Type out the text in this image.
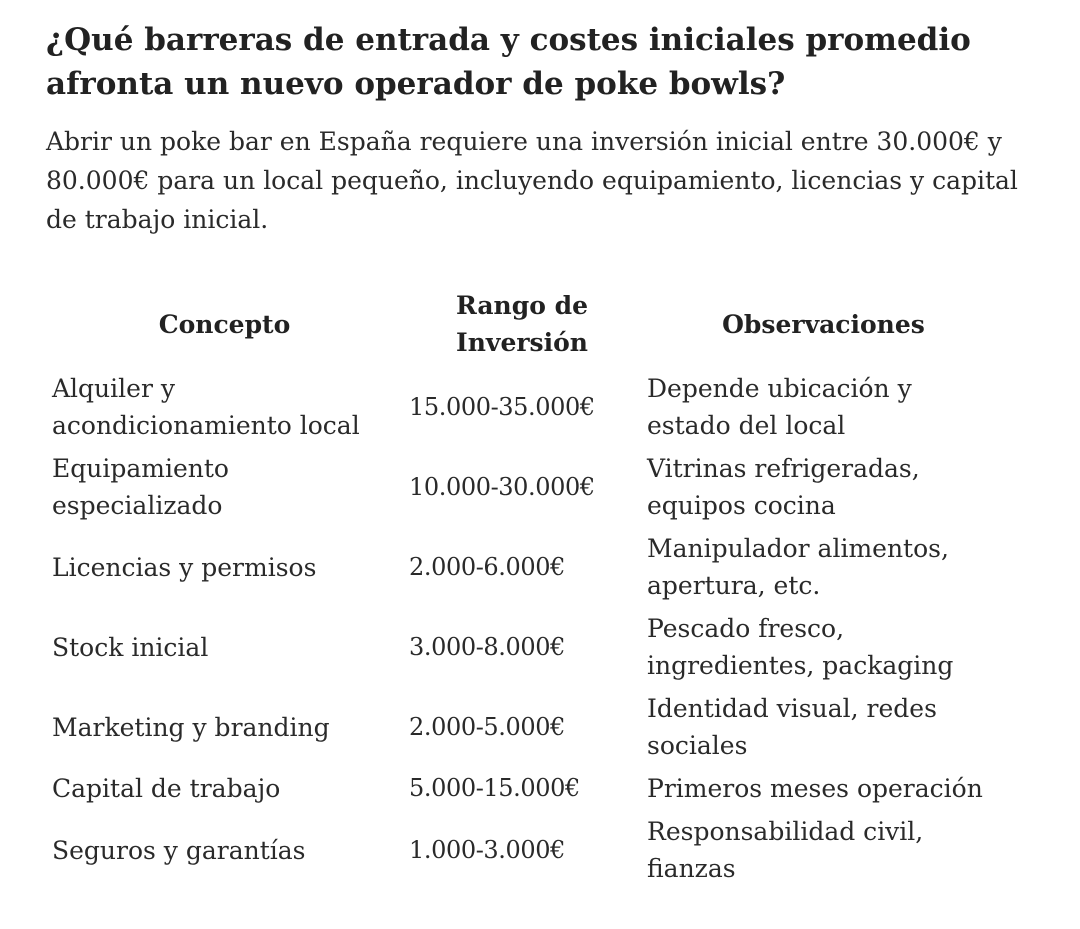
¿Qué barreras de entrada y costes iniciales promedio afronta un nuevo operador de poke bowls?

Abrir un poke bar en España requiere una inversión inicial entre 30.000€ y 80.000€ para un local pequeño, incluyendo equipamiento, licencias y capital de trabajo inicial.

Concepto	Rango de Inversión	Observaciones
Alquiler y acondicionamiento local	15.000-35.000€	Depende ubicación y estado del local
Equipamiento especializado	10.000-30.000€	Vitrinas refrigeradas, equipos cocina
Licencias y permisos	2.000-6.000€	Manipulador alimentos, apertura, etc.
Stock inicial	3.000-8.000€	Pescado fresco, ingredientes, packaging
Marketing y branding	2.000-5.000€	Identidad visual, redes sociales
Capital de trabajo	5.000-15.000€	Primeros meses operación
Seguros y garantías	1.000-3.000€	Responsabilidad civil, fianzas
